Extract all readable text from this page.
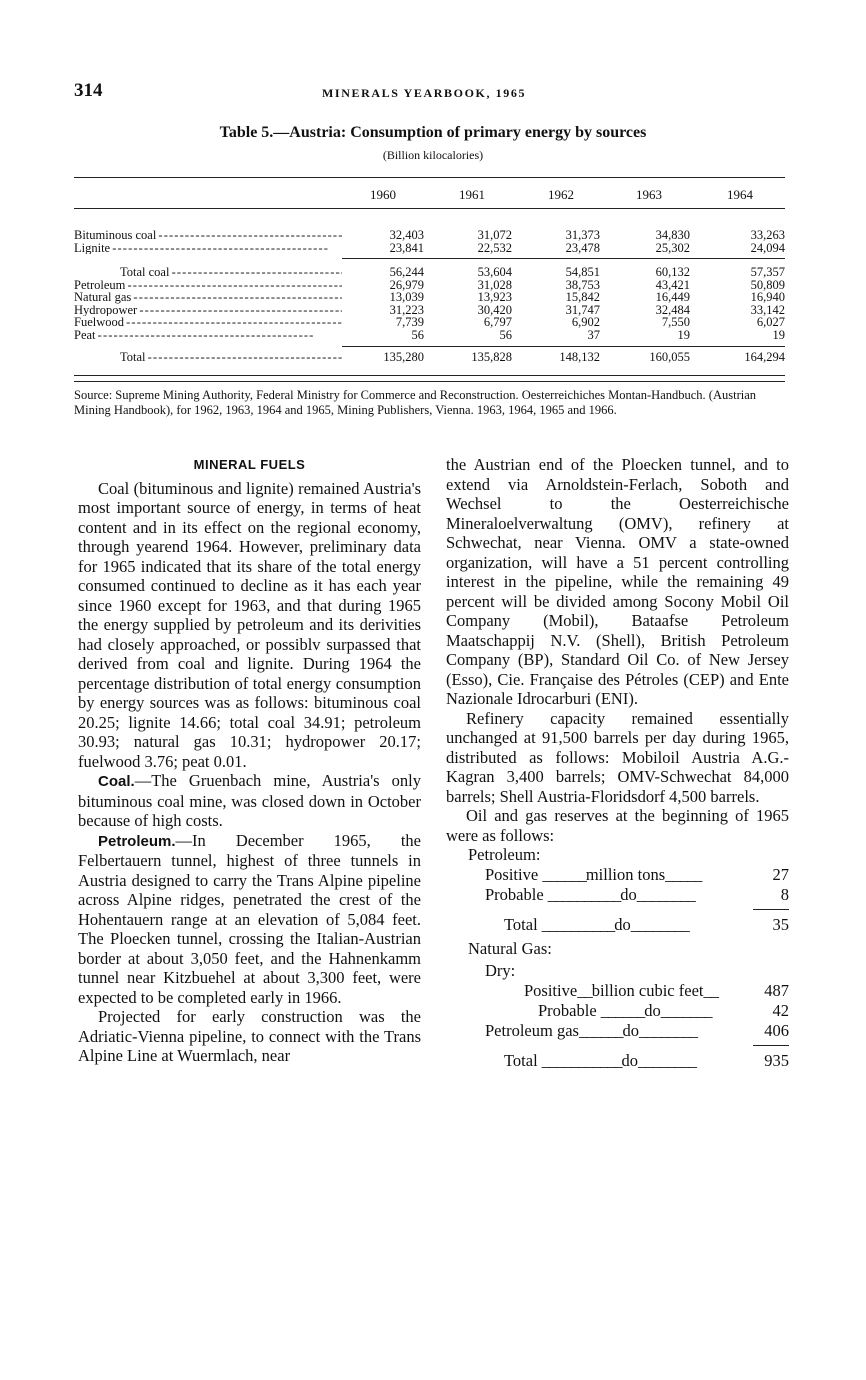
314	MINERALS YEARBOOK, 1965
Table 5.—Austria: Consumption of primary energy by sources
(Billion kilocalories)
1960	1961	1962	1963	1964
Bituminous coal - - -	32,403	31,072	31,373	34,830	33,263
Lignite - - -	23,841	22,532	23,478	25,302	24,094
Total coal - - -	56,244	53,604	54,851	60,132	57,357
Petroleum - - -	26,979	31,028	38,753	43,421	50,809
Natural gas - - -	13,039	13,923	15,842	16,449	16,940
Hydropower - - -	31,223	30,420	31,747	32,484	33,142
Fuelwood - - -	7,739	6,797	6,902	7,550	6,027
Peat - - -	56	56	37	19	19
Total - - -	135,280	135,828	148,132	160,055	164,294
Source: Supreme Mining Authority, Federal Ministry for Commerce and Reconstruction. Oesterreichiches Montan-Handbuch. (Austrian Mining Handbook), for 1962, 1963, 1964 and 1965, Mining Publishers, Vienna. 1963, 1964, 1965 and 1966.
MINERAL FUELS

Coal (bituminous and lignite) remained Austria's most important source of energy, in terms of heat content and in its effect on the regional economy, through yearend 1964. However, preliminary data for 1965 indicated that its share of the total energy consumed continued to decline as it has each year since 1960 except for 1963, and that during 1965 the energy supplied by petroleum and its derivities had closely approached, or possiblv surpassed that derived from coal and lignite. During 1964 the percentage distribution of total energy consumption by energy sources was as follows: bituminous coal 20.25; lignite 14.66; total coal 34.91; petroleum 30.93; natural gas 10.31; hydropower 20.17; fuelwood 3.76; peat 0.01.

Coal.—The Gruenbach mine, Austria's only bituminous coal mine, was closed down in October because of high costs.

Petroleum.—In December 1965, the Felbertauern tunnel, highest of three tunnels in Austria designed to carry the Trans Alpine pipeline across Alpine ridges, penetrated the crest of the Hohentauern range at an elevation of 5,084 feet. The Ploecken tunnel, crossing the Italian-Austrian border at about 3,050 feet, and the Hahnenkamm tunnel near Kitzbuehel at about 3,300 feet, were expected to be completed early in 1966.

Projected for early construction was the Adriatic-Vienna pipeline, to connect with the Trans Alpine Line at Wuermlach, near

the Austrian end of the Ploecken tunnel, and to extend via Arnoldstein-Ferlach, Soboth and Wechsel to the Oesterreichische Mineraloelverwaltung (OMV), refinery at Schwechat, near Vienna. OMV a state-owned organization, will have a 51 percent controlling interest in the pipeline, while the remaining 49 percent will be divided among Socony Mobil Oil Company (Mobil), Bataafse Petroleum Maatschappij N.V. (Shell), British Petroleum Company (BP), Standard Oil Co. of New Jersey (Esso), Cie. Française des Pétroles (CEP) and Ente Nazionale Idrocarburi (ENI).

Refinery capacity remained essentially unchanged at 91,500 barrels per day during 1965, distributed as follows: Mobiloil Austria A.G.-Kagran 3,400 barrels; OMV-Schwechat 84,000 barrels; Shell Austria-Floridsdorf 4,500 barrels.

Oil and gas reserves at the beginning of 1965 were as follows:

Petroleum:
Positive ______million tons_____	27
Probable __________do________	8
Total __________do________	35
Natural Gas:
Dry:
Positive__billion cubic feet__	487
Probable ______do_______	42
Petroleum gas______do________	406
Total ___________do________	935
